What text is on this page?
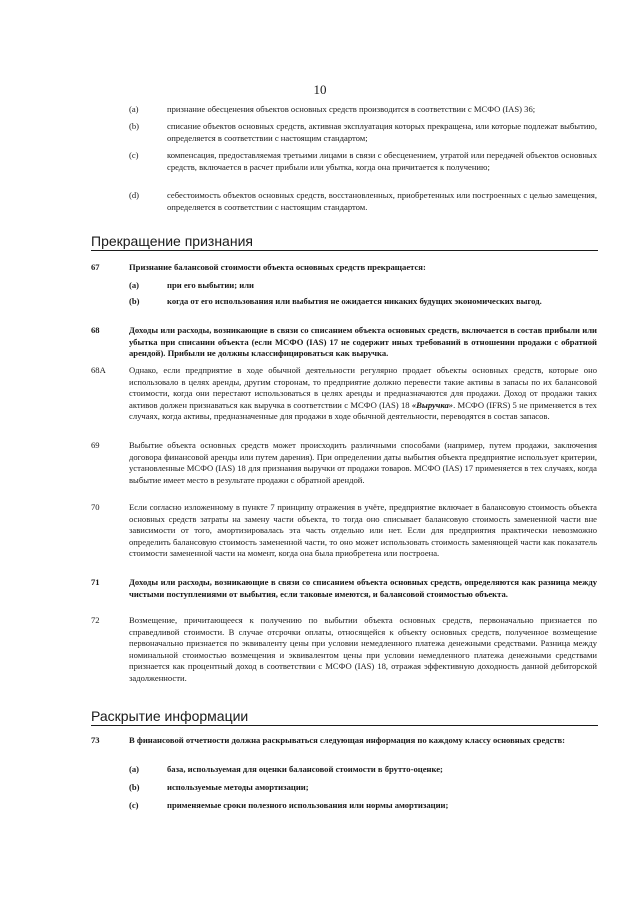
10
(a)	признание обесценения объектов основных средств производится в соответствии с МСФО (IAS) 36;
(b)	списание объектов основных средств, активная эксплуатация которых прекращена, или которые подлежат выбытию, определяется в соответствии с настоящим стандартом;
(c)	компенсация, предоставляемая третьими лицами в связи с обесценением, утратой или передачей объектов основных средств, включается в расчет прибыли или убытка, когда она причитается к получению;
(d)	себестоимость объектов основных средств, восстановленных, приобретенных или построенных с целью замещения, определяется в соответствии с настоящим стандартом.
Прекращение признания
67	Признание балансовой стоимости объекта основных средств прекращается:
(a)	при его выбытии; или
(b)	когда от его использования или выбытия не ожидается никаких будущих экономических выгод.
68	Доходы или расходы, возникающие в связи со списанием объекта основных средств, включается в состав прибыли или убытка при списании объекта (если МСФО (IAS) 17 не содержит иных требований в отношении продажи с обратной арендой). Прибыли не должны классифицироваться как выручка.
68А	Однако, если предприятие в ходе обычной деятельности регулярно продает объекты основных средств, которые оно использовало в целях аренды, другим сторонам, то предприятие должно перевести такие активы в запасы по их балансовой стоимости, когда они перестают использоваться в целях аренды и предназначаются для продажи. Доход от продажи таких активов должен признаваться как выручка в соответствии с МСФО (IAS) 18 «Выручка». МСФО (IFRS) 5 не применяется в тех случаях, когда активы, предназначенные для продажи в ходе обычной деятельности, переводятся в состав запасов.
69	Выбытие объекта основных средств может происходить различными способами (например, путем продажи, заключения договора финансовой аренды или путем дарения). При определении даты выбытия объекта предприятие использует критерии, установленные МСФО (IAS) 18 для признания выручки от продажи товаров. МСФО (IAS) 17 применяется в тех случаях, когда выбытие имеет место в результате продажи с обратной арендой.
70	Если согласно изложенному в пункте 7 принципу отражения в учёте, предприятие включает в балансовую стоимость объекта основных средств затраты на замену части объекта, то тогда оно списывает балансовую стоимость замененной части вне зависимости от того, амортизировалась эта часть отдельно или нет. Если для предприятия практически невозможно определить балансовую стоимость замененной части, то оно может использовать стоимость заменяющей части как показатель стоимости замененной части на момент, когда она была приобретена или построена.
71	Доходы или расходы, возникающие в связи со списанием объекта основных средств, определяются как разница между чистыми поступлениями от выбытия, если таковые имеются, и балансовой стоимостью объекта.
72	Возмещение, причитающееся к получению по выбытии объекта основных средств, первоначально признается по справедливой стоимости. В случае отсрочки оплаты, относящейся к объекту основных средств, полученное возмещение первоначально признается по эквиваленту цены при условии немедленного платежа денежными средствами. Разница между номинальной стоимостью возмещения и эквивалентом цены при условии немедленного платежа денежными средствами признается как процентный доход в соответствии с МСФО (IAS) 18, отражая эффективную доходность данной дебиторской задолженности.
Раскрытие информации
73	В финансовой отчетности должна раскрываться следующая информация по каждому классу основных средств:
(a)	база, используемая для оценки балансовой стоимости в брутто-оценке;
(b)	используемые методы амортизации;
(c)	применяемые сроки полезного использования или нормы амортизации;
